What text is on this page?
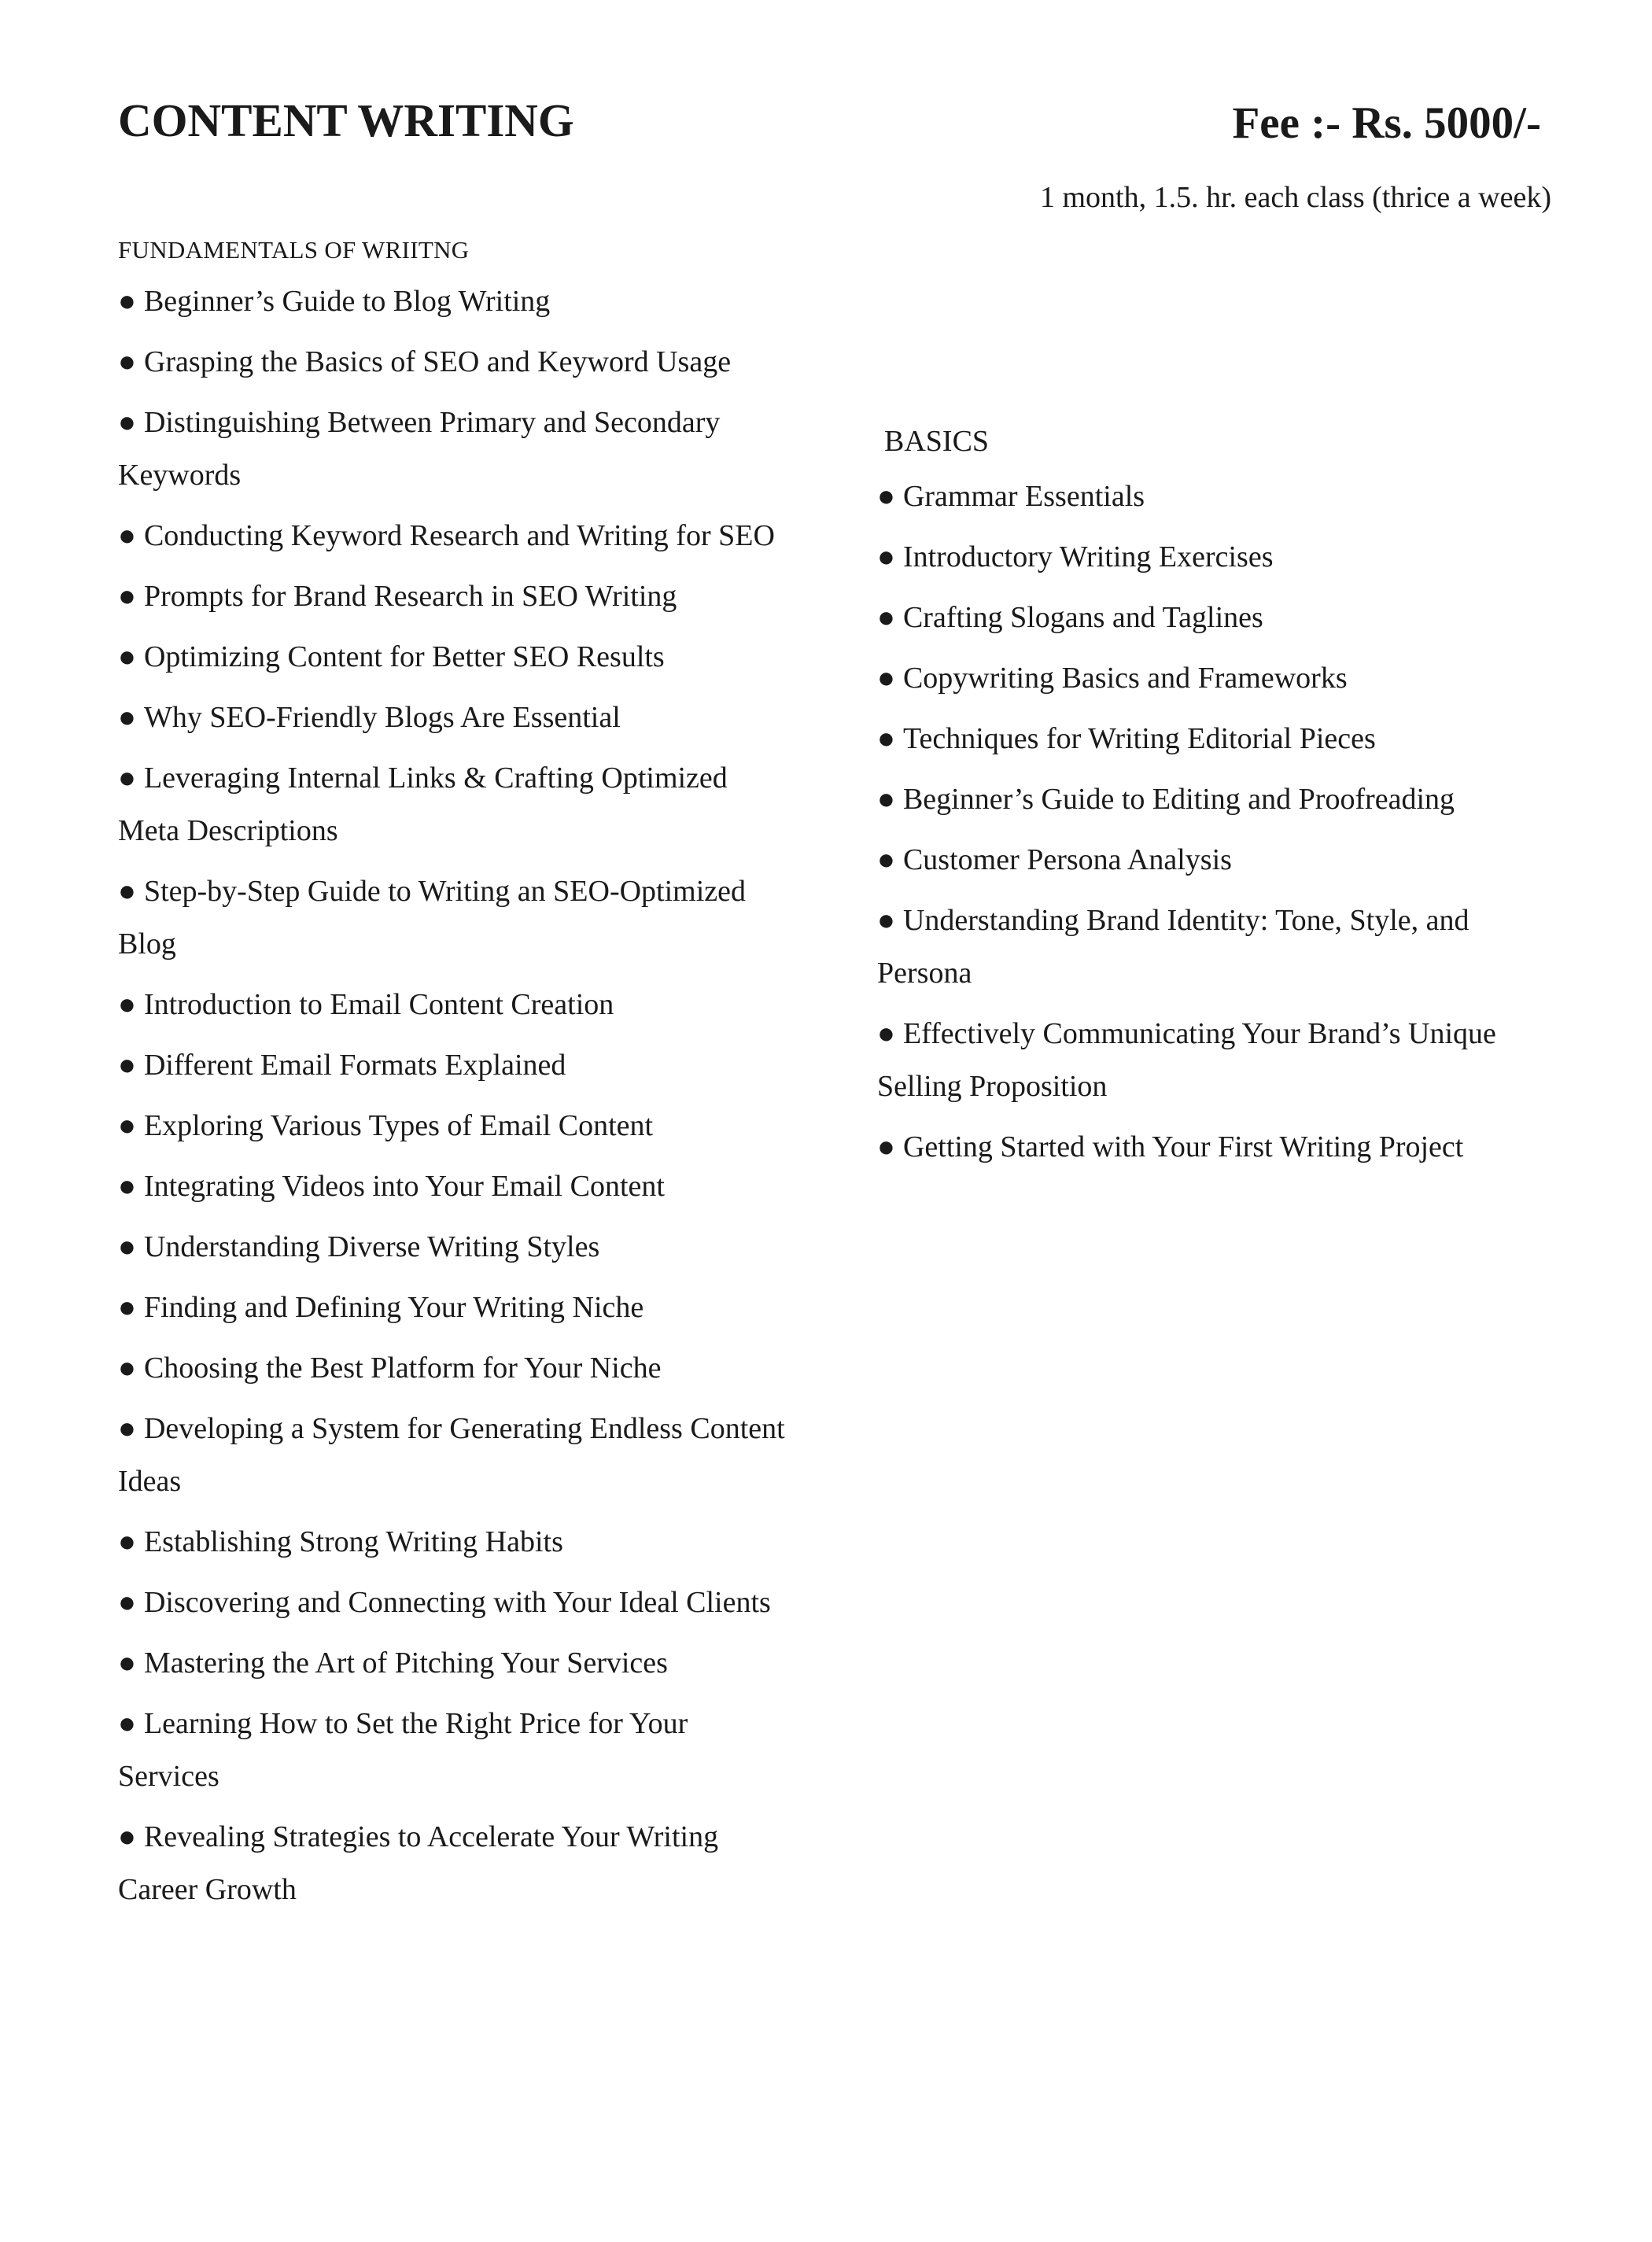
CONTENT WRITING	Fee :- Rs. 5000/-
1 month, 1.5. hr. each class (thrice a week)
FUNDAMENTALS OF WRIITNG
● Beginner’s Guide to Blog Writing
● Grasping the Basics of SEO and Keyword Usage
● Distinguishing Between Primary and Secondary Keywords
● Conducting Keyword Research and Writing for SEO
● Prompts for Brand Research in SEO Writing
● Optimizing Content for Better SEO Results
● Why SEO-Friendly Blogs Are Essential
● Leveraging Internal Links & Crafting Optimized Meta Descriptions
● Step-by-Step Guide to Writing an SEO-Optimized Blog
● Introduction to Email Content Creation
● Different Email Formats Explained
● Exploring Various Types of Email Content
● Integrating Videos into Your Email Content
● Understanding Diverse Writing Styles
● Finding and Defining Your Writing Niche
● Choosing the Best Platform for Your Niche
● Developing a System for Generating Endless Content Ideas
● Establishing Strong Writing Habits
● Discovering and Connecting with Your Ideal Clients
● Mastering the Art of Pitching Your Services
● Learning How to Set the Right Price for Your Services
● Revealing Strategies to Accelerate Your Writing Career Growth
BASICS
● Grammar Essentials
● Introductory Writing Exercises
● Crafting Slogans and Taglines
● Copywriting Basics and Frameworks
● Techniques for Writing Editorial Pieces
● Beginner’s Guide to Editing and Proofreading
● Customer Persona Analysis
● Understanding Brand Identity: Tone, Style, and Persona
● Effectively Communicating Your Brand’s Unique Selling Proposition
● Getting Started with Your First Writing Project
